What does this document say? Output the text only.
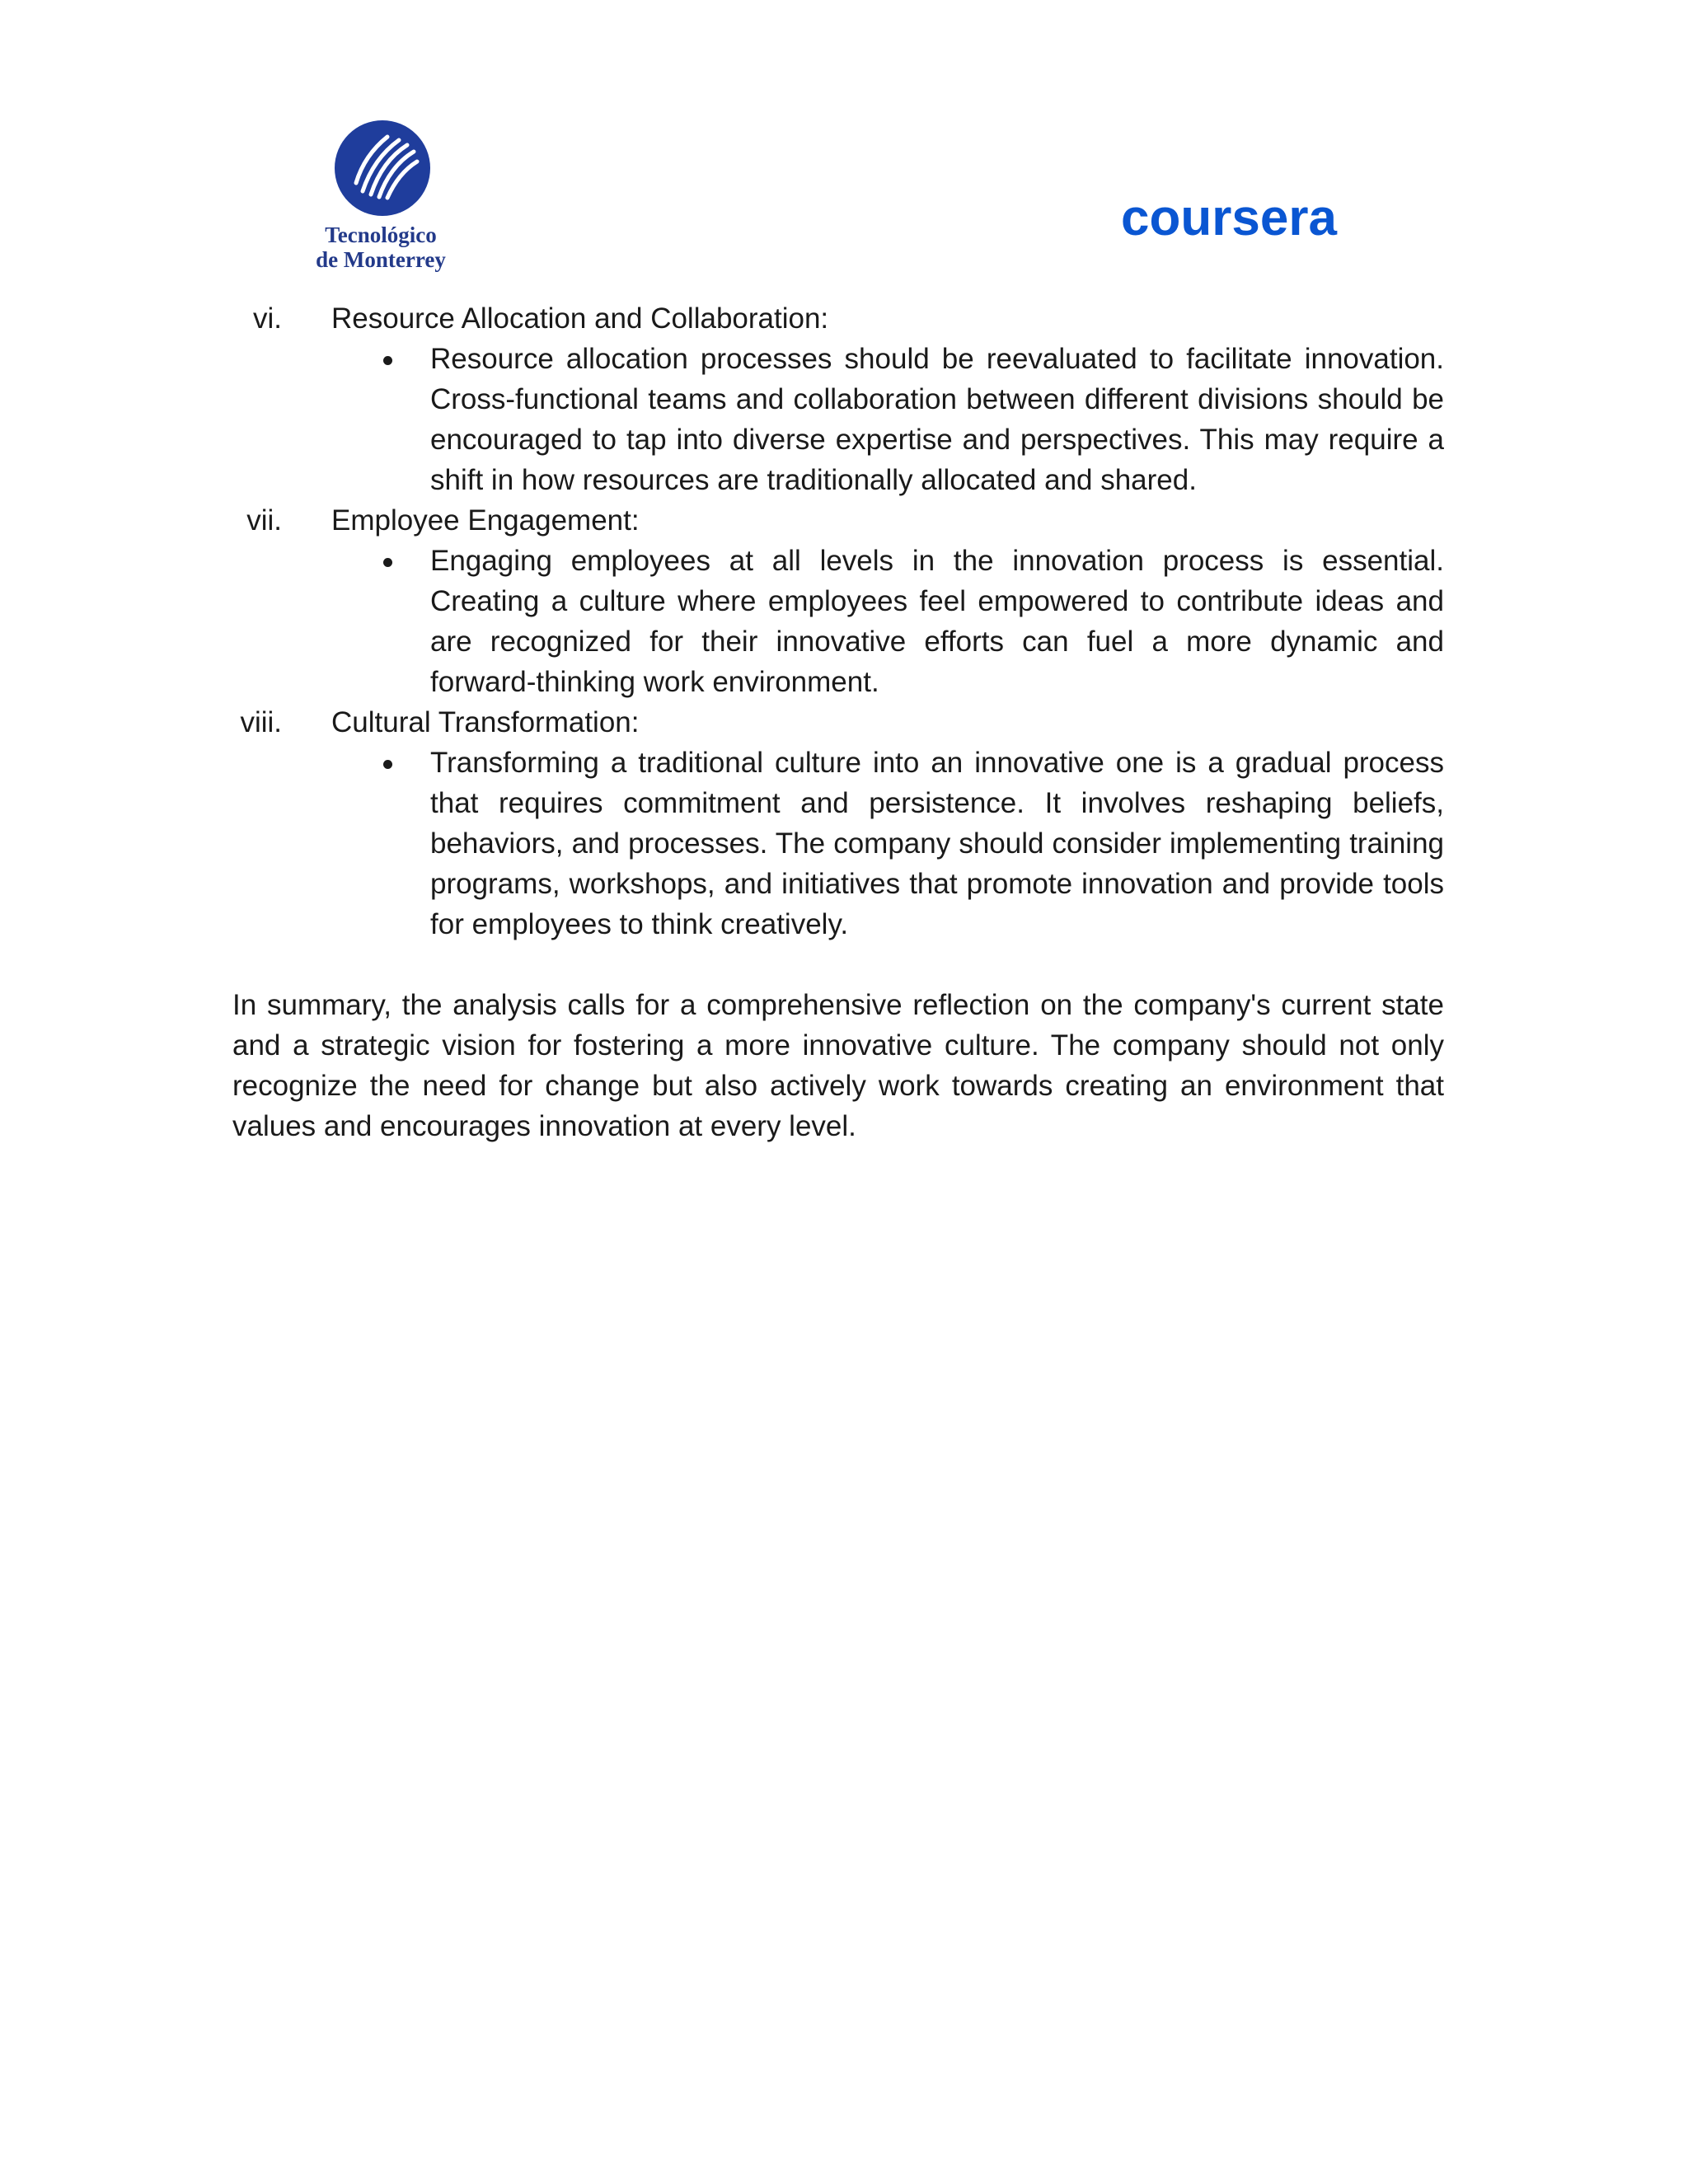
Tecnológico
de Monterrey
coursera
vi. Resource Allocation and Collaboration:
Resource allocation processes should be reevaluated to facilitate innovation. Cross-functional teams and collaboration between different divisions should be encouraged to tap into diverse expertise and perspectives. This may require a shift in how resources are traditionally allocated and shared.
vii. Employee Engagement:
Engaging employees at all levels in the innovation process is essential. Creating a culture where employees feel empowered to contribute ideas and are recognized for their innovative efforts can fuel a more dynamic and forward-thinking work environment.
viii. Cultural Transformation:
Transforming a traditional culture into an innovative one is a gradual process that requires commitment and persistence. It involves reshaping beliefs, behaviors, and processes. The company should consider implementing training programs, workshops, and initiatives that promote innovation and provide tools for employees to think creatively.
In summary, the analysis calls for a comprehensive reflection on the company's current state and a strategic vision for fostering a more innovative culture. The company should not only recognize the need for change but also actively work towards creating an environment that values and encourages innovation at every level.
